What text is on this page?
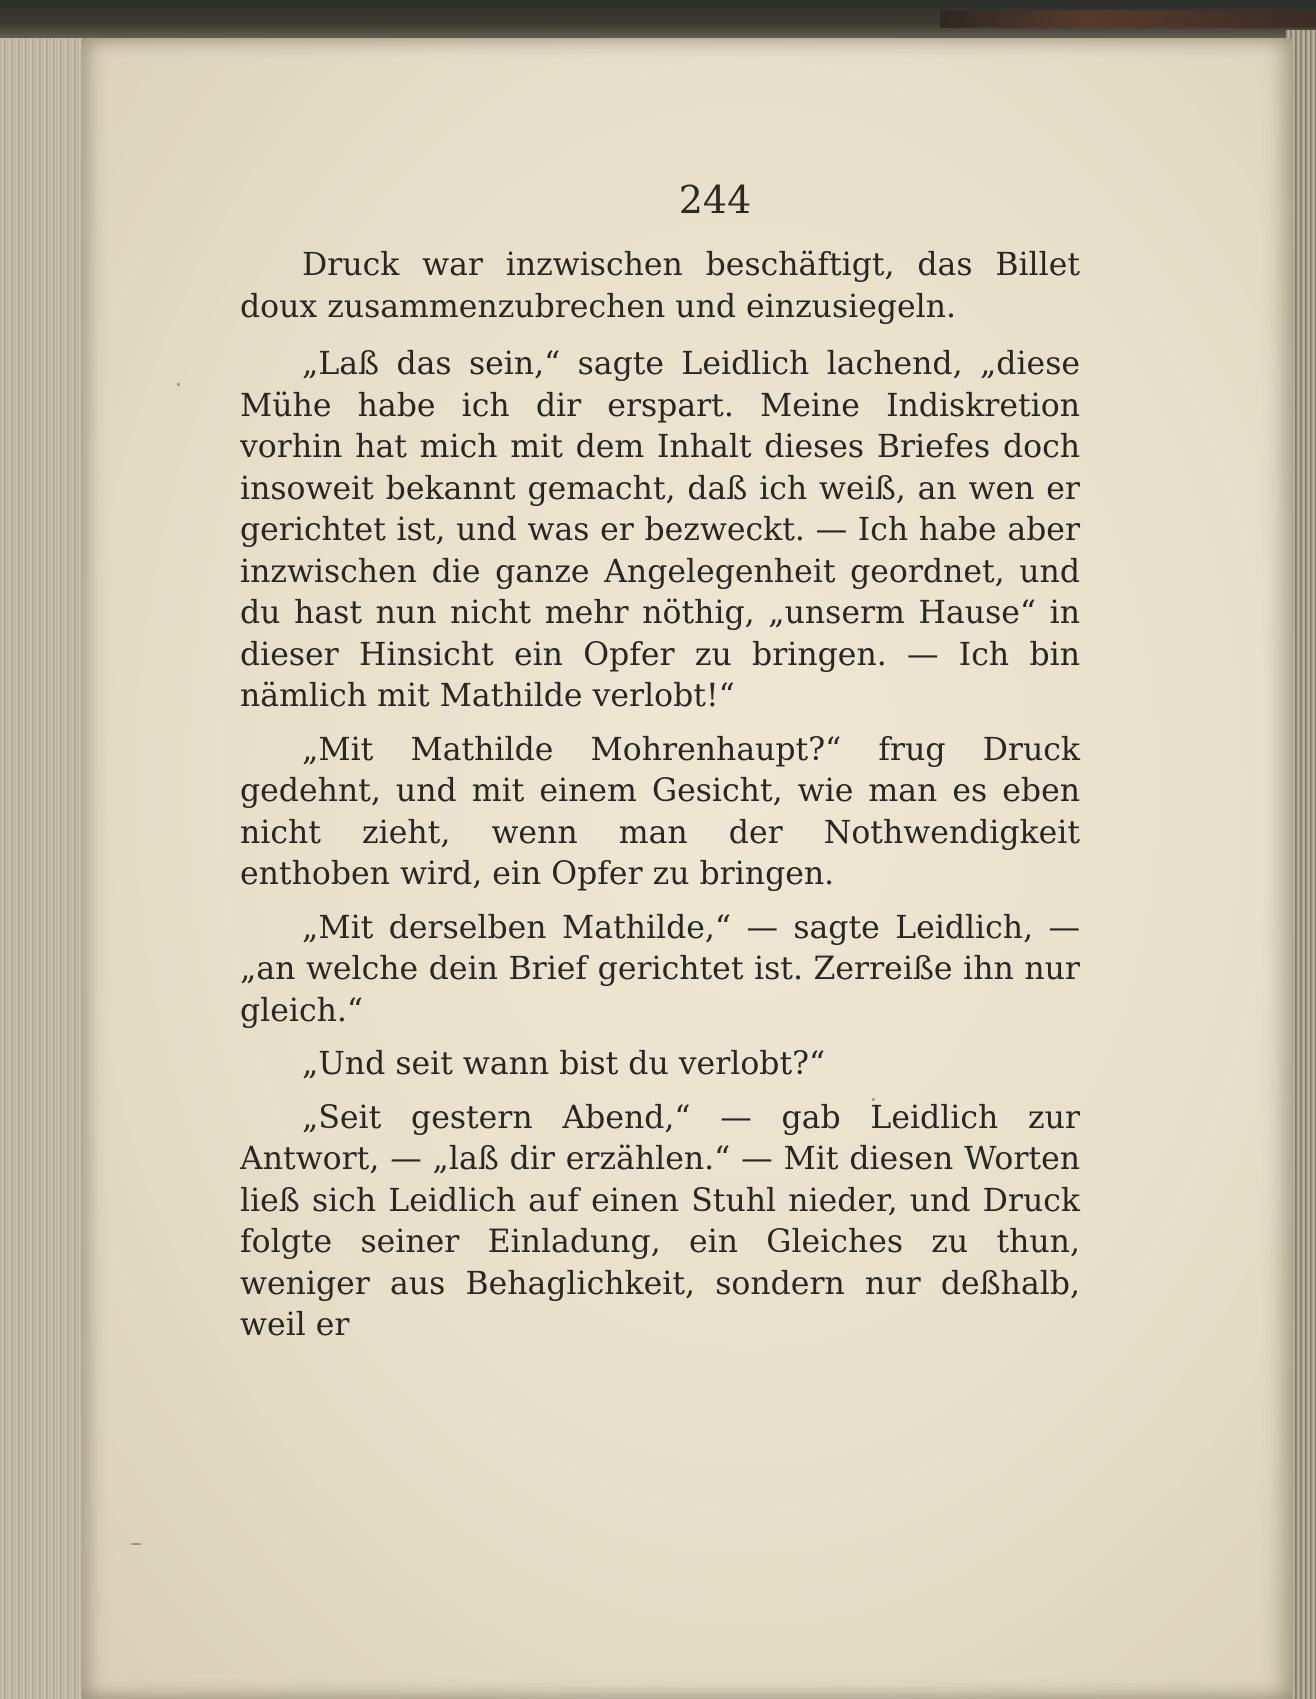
244

Druck war inzwischen beschäftigt, das Billet doux zusammenzubrechen und einzusiegeln.

„Laß das sein,“ sagte Leidlich lachend, „diese Mühe habe ich dir erspart. Meine Indiskretion vorhin hat mich mit dem Inhalt dieses Briefes doch insoweit bekannt gemacht, daß ich weiß, an wen er gerichtet ist, und was er bezweckt. — Ich habe aber inzwischen die ganze Angelegenheit geordnet, und du hast nun nicht mehr nöthig, „unserm Hause“ in dieser Hinsicht ein Opfer zu bringen. — Ich bin nämlich mit Mathilde verlobt!“

„Mit Mathilde Mohrenhaupt?“ frug Druck gedehnt, und mit einem Gesicht, wie man es eben nicht zieht, wenn man der Nothwendigkeit enthoben wird, ein Opfer zu bringen.

„Mit derselben Mathilde,“ — sagte Leidlich, — „an welche dein Brief gerichtet ist. Zerreiße ihn nur gleich.“

„Und seit wann bist du verlobt?“

„Seit gestern Abend,“ — gab Leidlich zur Antwort, — „laß dir erzählen.“ — Mit diesen Worten ließ sich Leidlich auf einen Stuhl nieder, und Druck folgte seiner Einladung, ein Gleiches zu thun, weniger aus Behaglichkeit, sondern nur deßhalb, weil er
